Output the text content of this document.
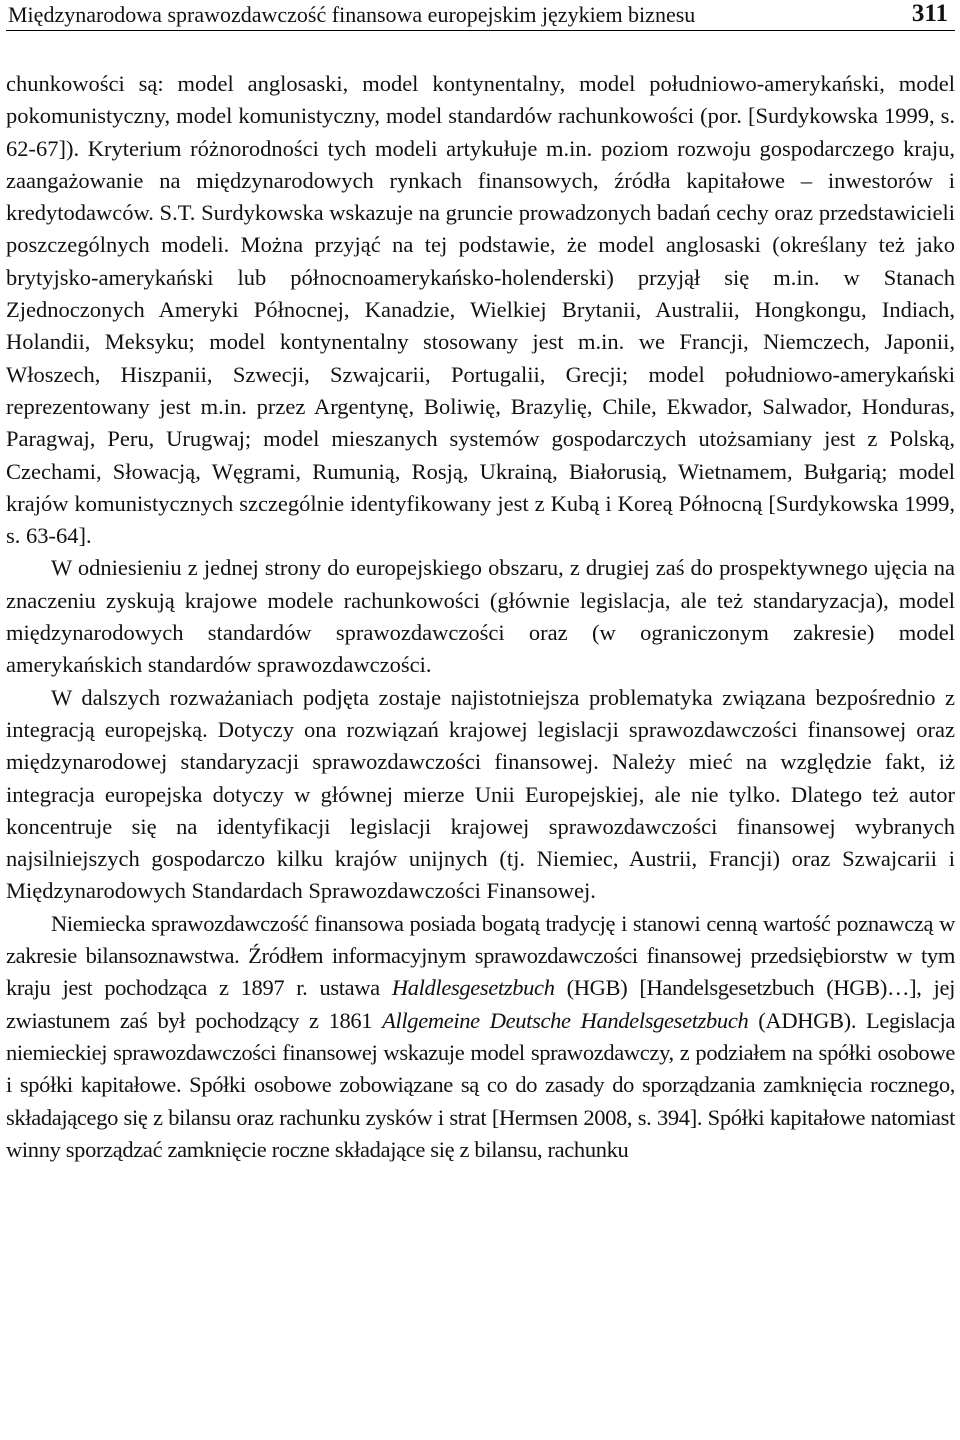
Międzynarodowa sprawozdawczość finansowa europejskim językiem biznesu	311

chunkowości są: model anglosaski, model kontynentalny, model południowo-amerykański, model pokomunistyczny, model komunistyczny, model standardów rachunkowości (por. [Surdykowska 1999, s. 62-67]). Kryterium różnorodności tych modeli artykułuje m.in. poziom rozwoju gospodarczego kraju, zaangażowanie na międzynarodowych rynkach finansowych, źródła kapitałowe – inwestorów i kredytodawców. S.T. Surdykowska wskazuje na gruncie prowadzonych badań cechy oraz przedstawicieli poszczególnych modeli. Można przyjąć na tej podstawie, że model anglosaski (określany też jako brytyjsko-amerykański lub północnoamerykańsko-holenderski) przyjął się m.in. w Stanach Zjednoczonych Ameryki Północnej, Kanadzie, Wielkiej Brytanii, Australii, Hongkongu, Indiach, Holandii, Meksyku; model kontynentalny stosowany jest m.in. we Francji, Niemczech, Japonii, Włoszech, Hiszpanii, Szwecji, Szwajcarii, Portugalii, Grecji; model południowo-amerykański reprezentowany jest m.in. przez Argentynę, Boliwię, Brazylię, Chile, Ekwador, Salwador, Honduras, Paragwaj, Peru, Urugwaj; model mieszanych systemów gospodarczych utożsamiany jest z Polską, Czechami, Słowacją, Węgrami, Rumunią, Rosją, Ukrainą, Białorusią, Wietnamem, Bułgarią; model krajów komunistycznych szczególnie identyfikowany jest z Kubą i Koreą Północną [Surdykowska 1999, s. 63-64].

W odniesieniu z jednej strony do europejskiego obszaru, z drugiej zaś do prospektywnego ujęcia na znaczeniu zyskują krajowe modele rachunkowości (głównie legislacja, ale też standaryzacja), model międzynarodowych standardów sprawozdawczości oraz (w ograniczonym zakresie) model amerykańskich standardów sprawozdawczości.

W dalszych rozważaniach podjęta zostaje najistotniejsza problematyka związana bezpośrednio z integracją europejską. Dotyczy ona rozwiązań krajowej legislacji sprawozdawczości finansowej oraz międzynarodowej standaryzacji sprawozdawczości finansowej. Należy mieć na względzie fakt, iż integracja europejska dotyczy w głównej mierze Unii Europejskiej, ale nie tylko. Dlatego też autor koncentruje się na identyfikacji legislacji krajowej sprawozdawczości finansowej wybranych najsilniejszych gospodarczo kilku krajów unijnych (tj. Niemiec, Austrii, Francji) oraz Szwajcarii i Międzynarodowych Standardach Sprawozdawczości Finansowej.

Niemiecka sprawozdawczość finansowa posiada bogatą tradycję i stanowi cenną wartość poznawczą w zakresie bilansoznawstwa. Źródłem informacyjnym sprawozdawczości finansowej przedsiębiorstw w tym kraju jest pochodząca z 1897 r. ustawa Haldlesgesetzbuch (HGB) [Handelsgesetzbuch (HGB)…], jej zwiastunem zaś był pochodzący z 1861 Allgemeine Deutsche Handelsgesetzbuch (ADHGB). Legislacja niemieckiej sprawozdawczości finansowej wskazuje model sprawozdawczy, z podziałem na spółki osobowe i spółki kapitałowe. Spółki osobowe zobowiązane są co do zasady do sporządzania zamknięcia rocznego, składającego się z bilansu oraz rachunku zysków i strat [Hermsen 2008, s. 394]. Spółki kapitałowe natomiast winny sporządzać zamknięcie roczne składające się z bilansu, rachunku
